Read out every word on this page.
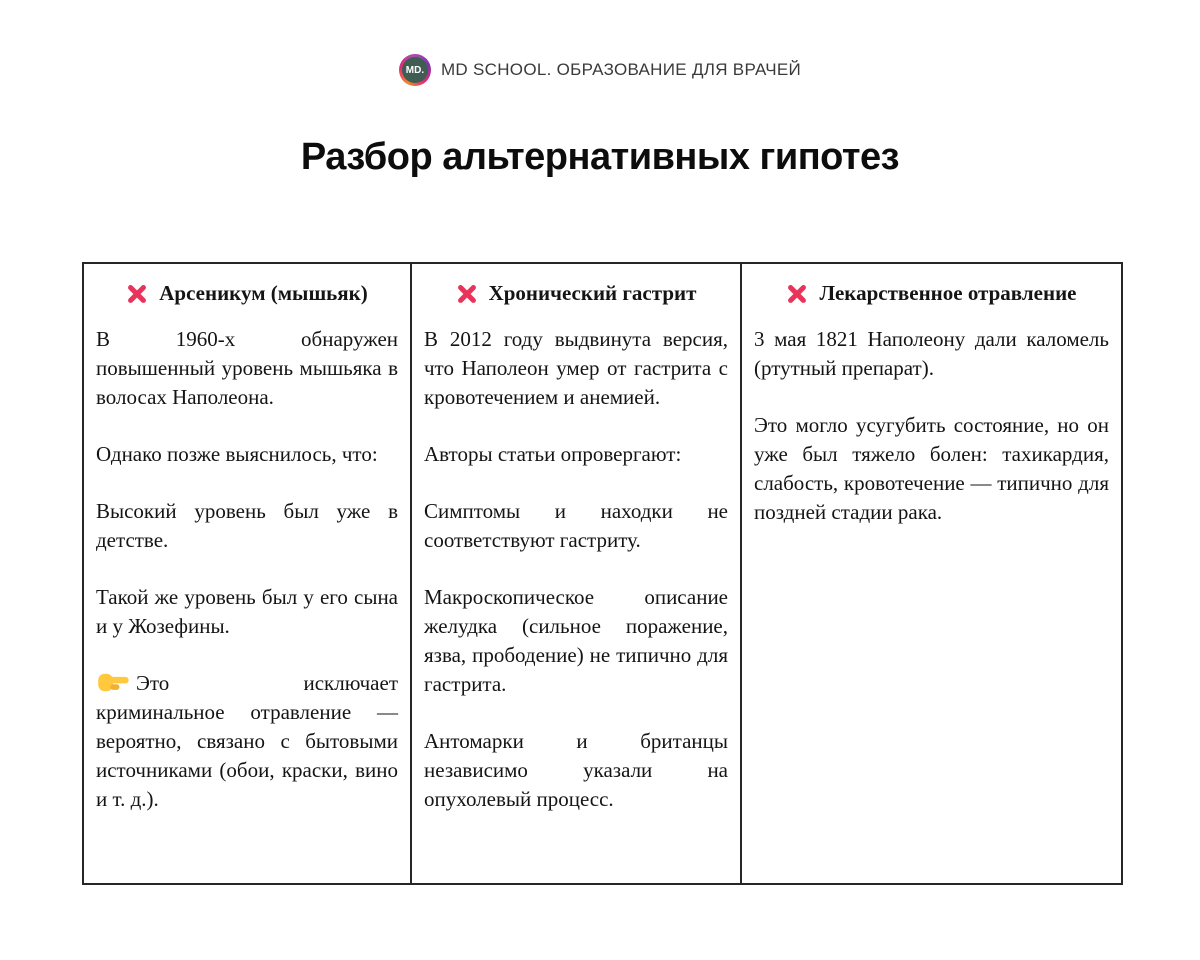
MD. MD SCHOOL. ОБРАЗОВАНИЕ ДЛЯ ВРАЧЕЙ
Разбор альтернативных гипотез
Арсеникум (мышьяк)

В 1960-х обнаружен повышенный уровень мышьяка в волосах Наполеона.

Однако позже выяснилось, что:

Высокий уровень был уже в детстве.

Такой же уровень был у его сына и у Жозефины.

Это исключает криминальное отравление — вероятно, связано с бытовыми источниками (обои, краски, вино и т. д.).

Хронический гастрит

В 2012 году выдвинута версия, что Наполеон умер от гастрита с кровотечением и анемией.

Авторы статьи опровергают:

Симптомы и находки не соответствуют гастриту.

Макроскопическое описание желудка (сильное поражение, язва, прободение) не типично для гастрита.

Антомарки и британцы независимо указали на опухолевый процесс.

Лекарственное отравление

3 мая 1821 Наполеону дали каломель (ртутный препарат).

Это могло усугубить состояние, но он уже был тяжело болен: тахикардия, слабость, кровотечение — типично для поздней стадии рака.
